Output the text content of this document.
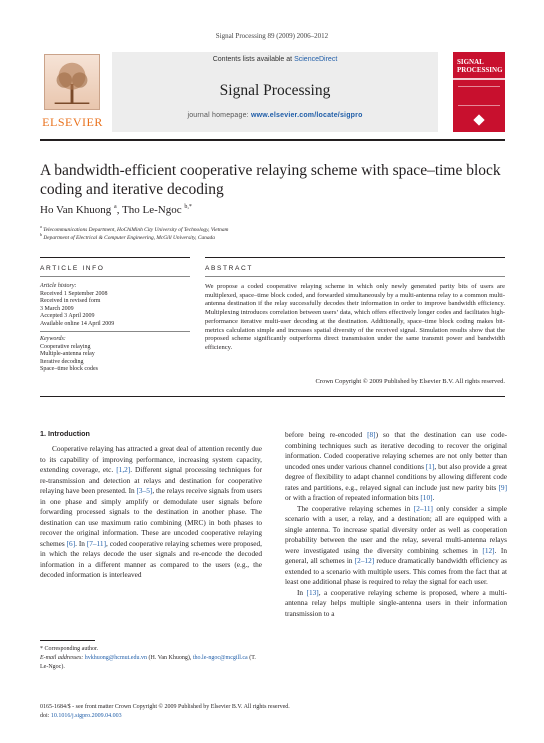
Signal Processing 89 (2009) 2006–2012
ELSEVIER
Contents lists available at ScienceDirect
Signal Processing
journal homepage: www.elsevier.com/locate/sigpro
SIGNAL PROCESSING
A bandwidth-efficient cooperative relaying scheme with space–time block coding and iterative decoding
Ho Van Khuong $^a$, Tho Le-Ngoc $^{b,*}$
$^a$ Telecommunications Department, HoChiMinh City University of Technology, Vietnam
$^b$ Department of Electrical & Computer Engineering, McGill University, Canada
ARTICLE INFO	ABSTRACT
Article history:
Received 1 September 2008
Received in revised form
3 March 2009
Accepted 3 April 2009
Available online 14 April 2009
Keywords:
Cooperative relaying
Multiple-antenna relay
Iterative decoding
Space–time block codes
We propose a coded cooperative relaying scheme in which only newly generated parity bits of users are multiplexed, space–time block coded, and forwarded simultaneously by a multi-antenna relay to a common multi-antenna destination if the relay successfully decodes their information in order to improve bandwidth efficiency. Multiplexing introduces correlation between users’ data, which offers effectively longer codes and facilitates high-performance iterative multi-user decoding at the destination. Additionally, space–time block coding makes bit-metrics calculation simple and increases spatial diversity of the received signal. Simulation results show that the proposed scheme significantly outperforms direct transmission under the same transmit power and bandwidth efficiency.
Crown Copyright © 2009 Published by Elsevier B.V. All rights reserved.
1. Introduction

Cooperative relaying has attracted a great deal of attention recently due to its capability of improving performance, increasing system capacity, extending coverage, etc. [1,2]. Different signal processing techniques for re-transmission and detection at relays and destination for cooperative relaying have been presented. In [3–5], the relays receive signals from users in one phase and simply amplify or demodulate user signals before forwarding processed signals to the destination in another phase. The destination can use maximum ratio combining (MRC) in both phases to recover the original information. These are uncoded cooperative relaying schemes [6]. In [7–11], coded cooperative relaying schemes were proposed, in which the relays decode the user signals and re-encode the decoded information in a different manner as compared to the users (e.g., the decoded information is interleaved

before being re-encoded [8]) so that the destination can use code-combining techniques such as iterative decoding to recover the original information. Coded cooperative relaying schemes are not only better than uncoded ones under various channel conditions [1], but also provide a great degree of flexibility to adapt channel conditions by allowing different code rates and partitions, e.g., relayed signal can include just new parity bits [9] or with a fraction of repeated information bits [10].

The cooperative relaying schemes in [2–11] only consider a simple scenario with a user, a relay, and a destination; all are equipped with a single antenna. To increase spatial diversity order as well as cooperation probability between the user and the relay, several multi-antenna relays were investigated using the diversity combining schemes in [12]. In general, all schemes in [2–12] reduce dramatically bandwidth efficiency as extended to a scenario with multiple users. This comes from the fact that at least one additional phase is required to relay the signal for each user.

In [13], a cooperative relaying scheme is proposed, where a multi-antenna relay helps multiple single-antenna users in their information transmission to a

* Corresponding author.
E-mail addresses: hvkhuong@hcmut.edu.vn (H. Van Khuong), tho.le-ngoc@mcgill.ca (T. Le-Ngoc).
0165-1684/$ - see front matter Crown Copyright © 2009 Published by Elsevier B.V. All rights reserved.
doi: 10.1016/j.sigpro.2009.04.003
